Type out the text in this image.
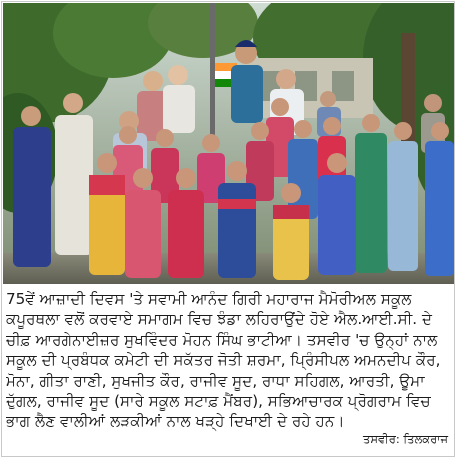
75ਵੇਂ ਆਜ਼ਾਦੀ ਦਿਵਸ 'ਤੇ ਸਵਾਮੀ ਆਨੰਦ ਗਿਰੀ ਮਹਾਰਾਜ ਮੈਮੋਰੀਅਲ ਸਕੂਲ ਕਪੂਰਥਲਾ ਵਲੋਂ ਕਰਵਾਏ ਸਮਾਗਮ ਵਿਚ ਝੰਡਾ ਲਹਿਰਾਉਂਦੇ ਹੋਏ ਐਲ.ਆਈ.ਸੀ. ਦੇ ਚੀਫ਼ ਆਰਗੇਨਾਈਜ਼ਰ ਸੁਖਵਿੰਦਰ ਮੋਹਨ ਸਿੰਘ ਭਾਟੀਆ। ਤਸਵੀਰ 'ਚ ਉਨ੍ਹਾਂ ਨਾਲ ਸਕੂਲ ਦੀ ਪ੍ਰਬੰਧਕ ਕਮੇਟੀ ਦੀ ਸਕੱਤਰ ਜੋਤੀ ਸ਼ਰਮਾ, ਪ੍ਰਿੰਸੀਪਲ ਅਮਨਦੀਪ ਕੌਰ, ਮੋਨਾ, ਗੀਤਾ ਰਾਣੀ, ਸੁਖਜੀਤ ਕੌਰ, ਰਾਜੀਵ ਸੂਦ, ਰਾਧਾ ਸਹਿਗਲ, ਆਰਤੀ, ਊਮਾ ਦੁੱਗਲ, ਰਾਜੀਵ ਸੂਦ (ਸਾਰੇ ਸਕੂਲ ਸਟਾਫ਼ ਮੈਂਬਰ), ਸਭਿਆਚਾਰਕ ਪ੍ਰੋਗਰਾਮ ਵਿਚ ਭਾਗ ਲੈਣ ਵਾਲੀਆਂ ਲੜਕੀਆਂ ਨਾਲ ਖੜ੍ਹੇ ਦਿਖਾਈ ਦੇ ਰਹੇ ਹਨ।

ਤਸਵੀਰ: ਤਿਲਕਰਾਜ
